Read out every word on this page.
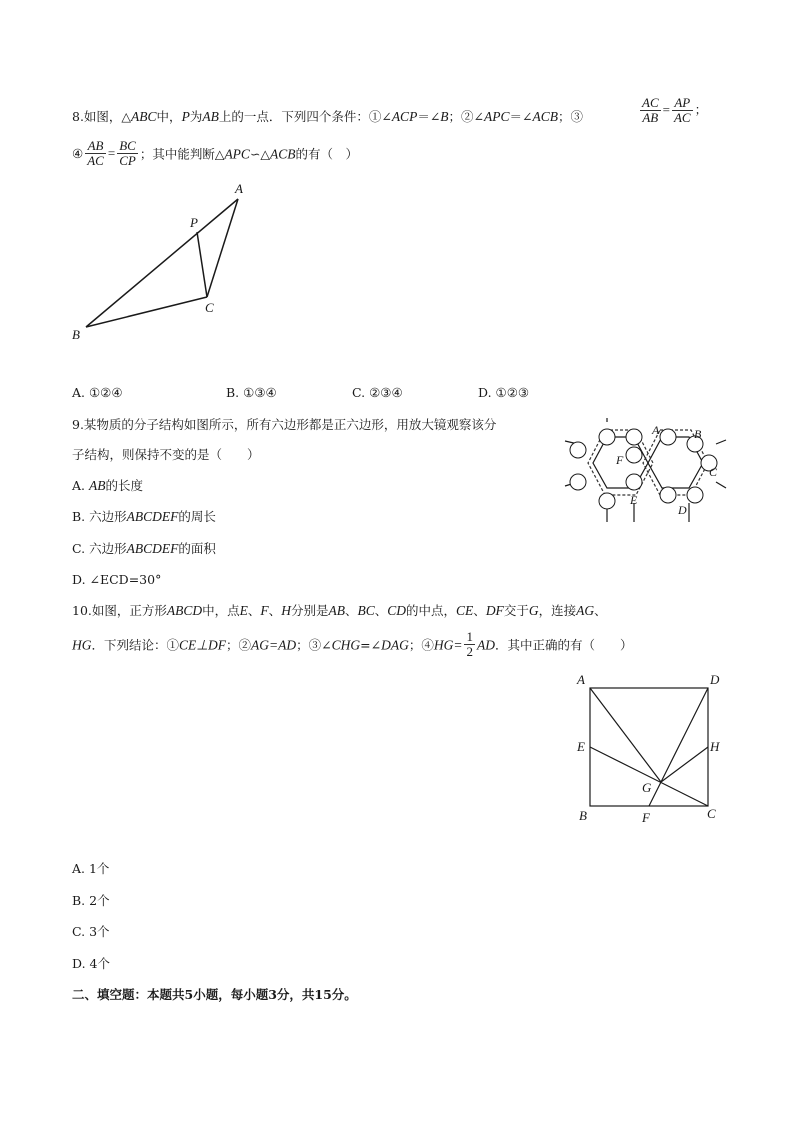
8.如图，△ABC中，P为AB上的一点．下列四个条件：①∠ACP＝∠B；②∠APC＝∠ACB；③	$\frac{AC}{AB} = \frac{AP}{AC}$ ；
④ $\frac{AB}{AC} = \frac{BC}{CP}$ ；其中能判断△APC∽△ACB的有（　）
A
P
B
C
A. ①②④	B. ①③④	C. ②③④	D. ①②③
9.某物质的分子结构如图所示，所有六边形都是正六边形，用放大镜观察该分
子结构，则保持不变的是（　　）
A. AB的长度
B. 六边形ABCDEF的周长
C. 六边形ABCDEF的面积
D. ∠ECD=30°
A	B
C
D
E
F
10.如图，正方形ABCD中，点E、F、H分别是AB、BC、CD的中点，CE、DF交于G，连接AG、
HG．下列结论：①CE⊥DF；②AG=AD；③∠CHG=∠DAG；④HG= $\frac{1}{2}$ AD．其中正确的有（　　）
A	D
E	H
G
B	F	C
A. 1个
B. 2个
C. 3个
D. 4个
二、填空题：本题共5小题，每小题3分，共15分。
